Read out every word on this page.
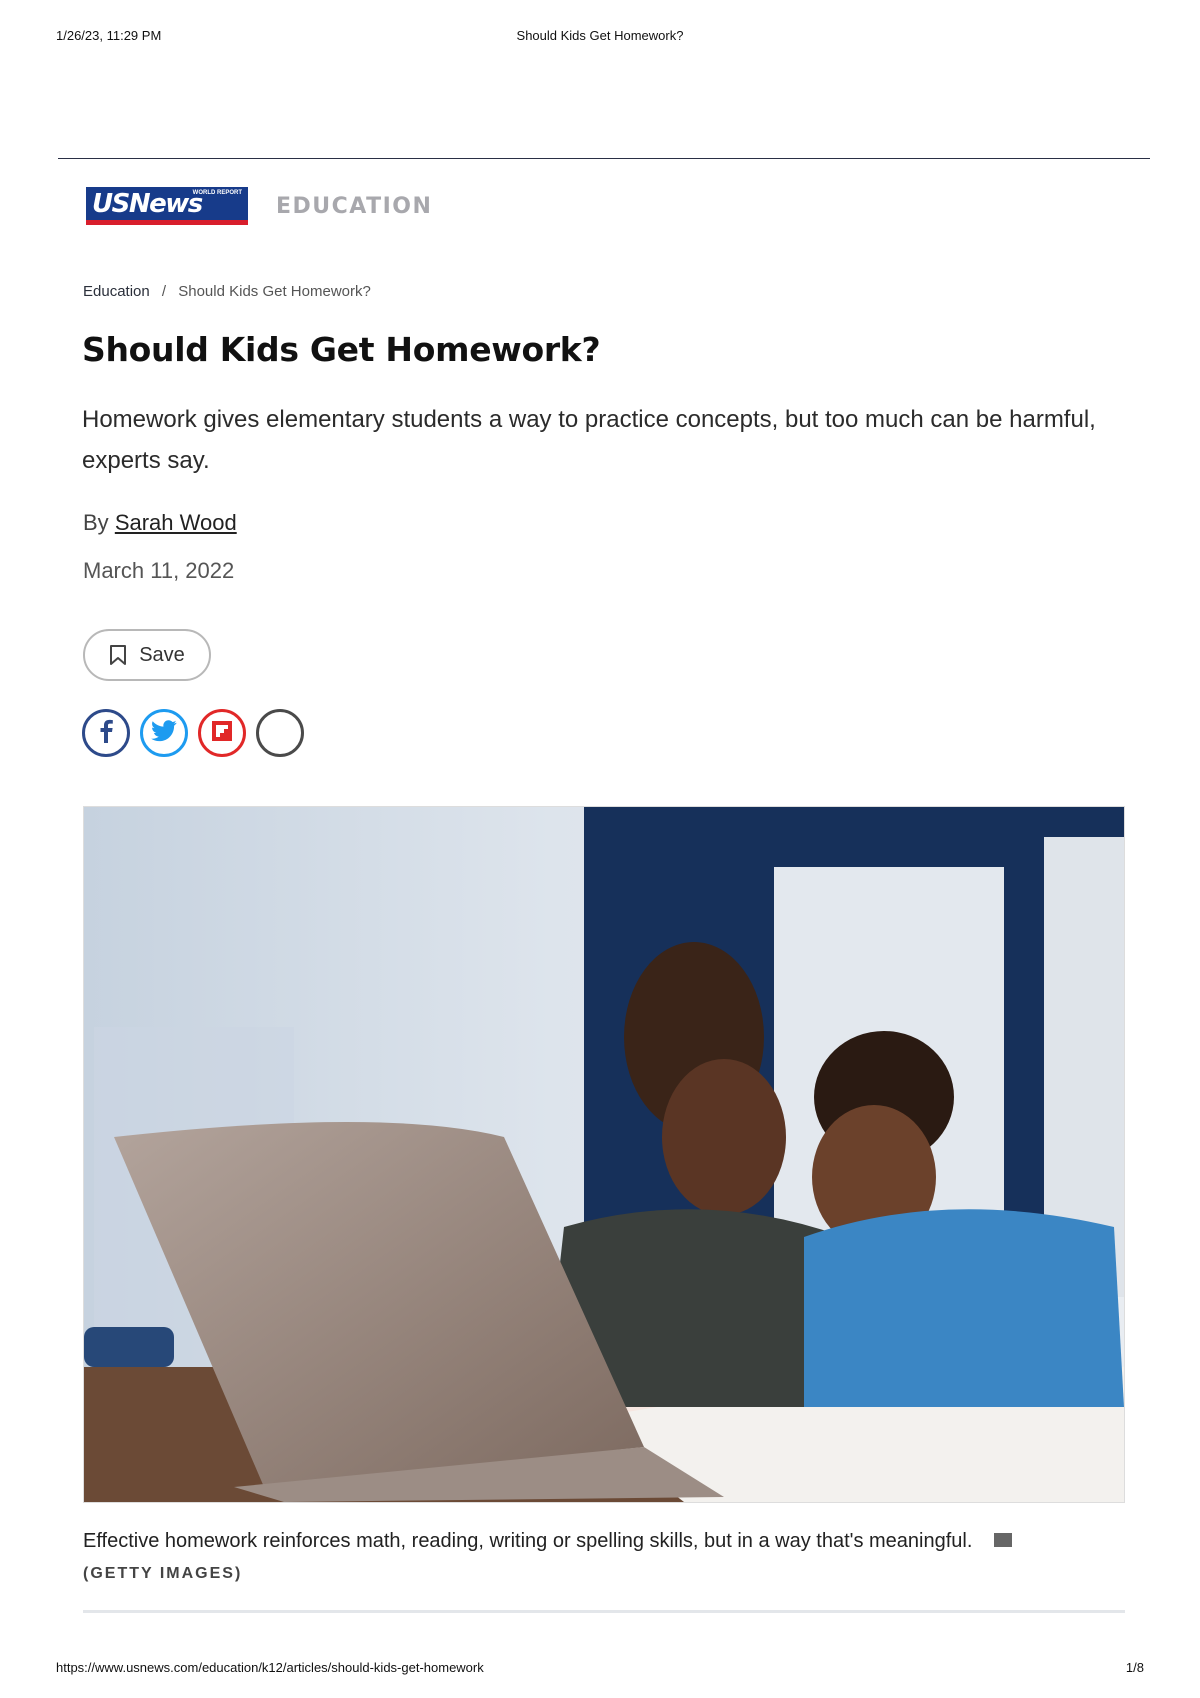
1/26/23, 11:29 PM	Should Kids Get Homework?
USNews
WORLD REPORT
EDUCATION
Education / Should Kids Get Homework?
Should Kids Get Homework?

Homework gives elementary students a way to practice concepts, but too much can be harmful, experts say.

By Sarah Wood
March 11, 2022
Save
Effective homework reinforces math, reading, writing or spelling skills, but in a way that's meaningful.
(GETTY IMAGES)
https://www.usnews.com/education/k12/articles/should-kids-get-homework	1/8
